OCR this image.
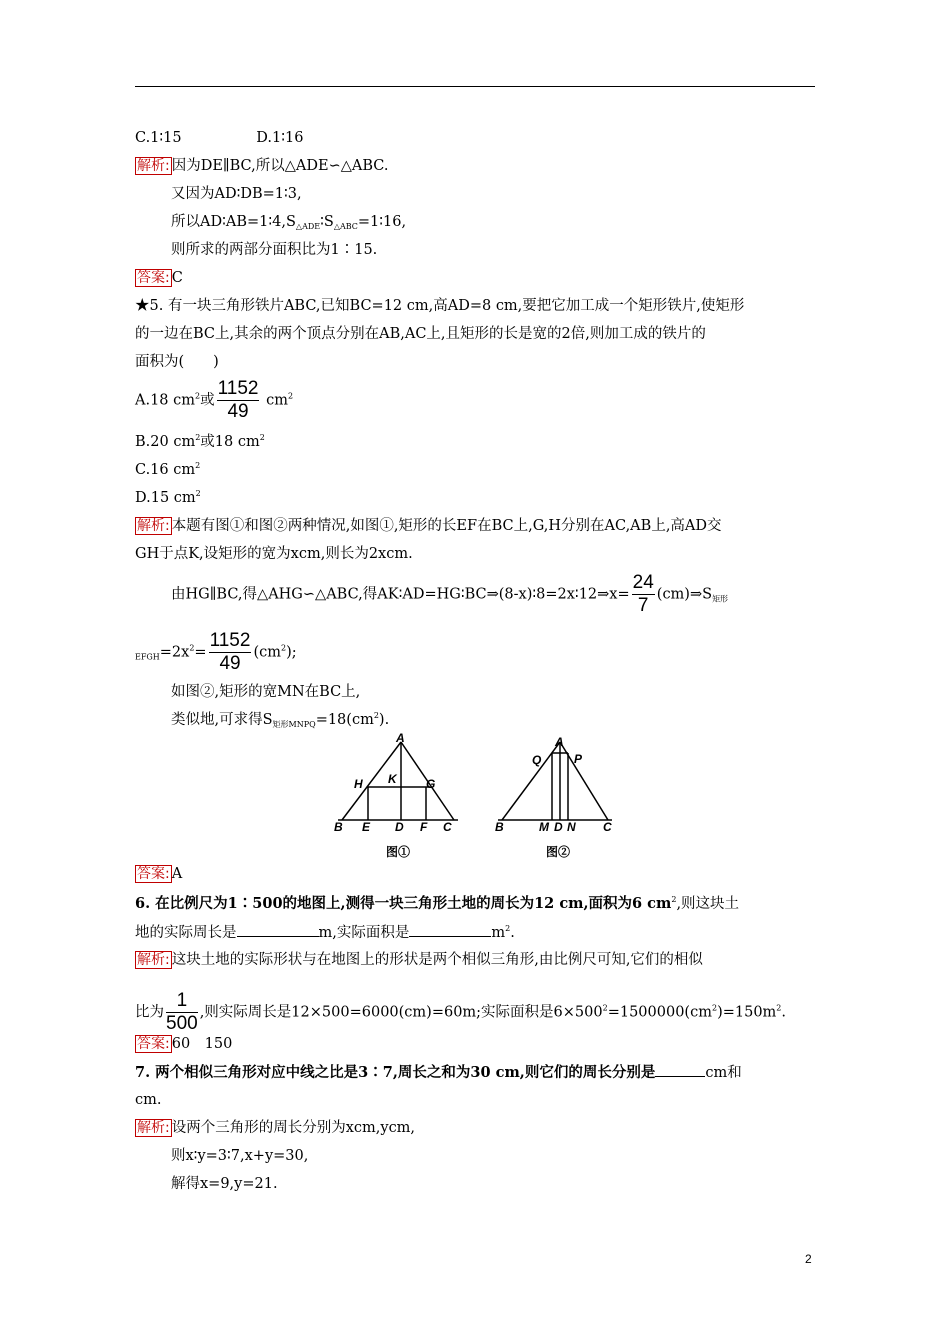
C.1∶15	D.1∶16
解析: 因为DE∥BC,所以△ADE∽△ABC.
又因为AD∶DB=1∶3,
所以$AD∶AB=1∶4,S_{\triangle ADE}∶S_{\triangle ABC}=1∶16$,
则所求的两部分面积比为1∶15.
答案: C
★5. 有一块三角形铁片ABC,已知BC=12 cm,高AD=8 cm,要把它加工成一个矩形铁片,使矩形
的一边在BC上,其余的两个顶点分别在AB,AC上,且矩形的长是宽的2倍,则加工成的铁片的
面积为(　　)
A.18 $cm^2$或 $\frac{1152}{49} cm^2$
B.20 $cm^2$或18 $cm^2$
C.16 $cm^2$
D.15 $cm^2$
解析: 本题有图①和图②两种情况,如图①,矩形的长EF在BC上,G,H分别在AC,AB上,高AD交
GH于点K,设矩形的宽为xcm,则长为2xcm.
由HG∥BC,得△AHG∽△ABC,得AK∶AD=HG∶BC⇒(8-x)∶8=2x∶12⇒x= $\frac{24}{7}$ $(cm)\Rightarrow S_{矩形}$
$_{EFGH}=2x^2= \frac{1152}{49} (cm^2)$;
如图②,矩形的宽MN在BC上,
类似地,可求得$S_{矩形MNPQ}=18(cm^2)$.
A
H K G
B E D F C
图①
A
Q	P
B	M D N C
图②
答案: A
6. 在比例尺为1∶500的地图上,测得一块三角形土地的周长为12 cm,面积为6 $cm^2$,则这块土
地的实际周长是	m,实际面积是	$m^2$.
解析: 这块土地的实际形状与在地图上的形状是两个相似三角形,由比例尺可知,它们的相似
比为 $\frac{1}{500}$ ,则实际周长是12×500=6000(cm)=60m;实际面积是$6\times 500^2=1500000(cm^2)=150m^2$.
答案: 60　150
7. 两个相似三角形对应中线之比是3∶7,周长之和为30 cm,则它们的周长分别是	cm和
cm.
解析: 设两个三角形的周长分别为xcm,ycm,
则x∶y=3∶7,x+y=30,
解得x=9,y=21.
2
